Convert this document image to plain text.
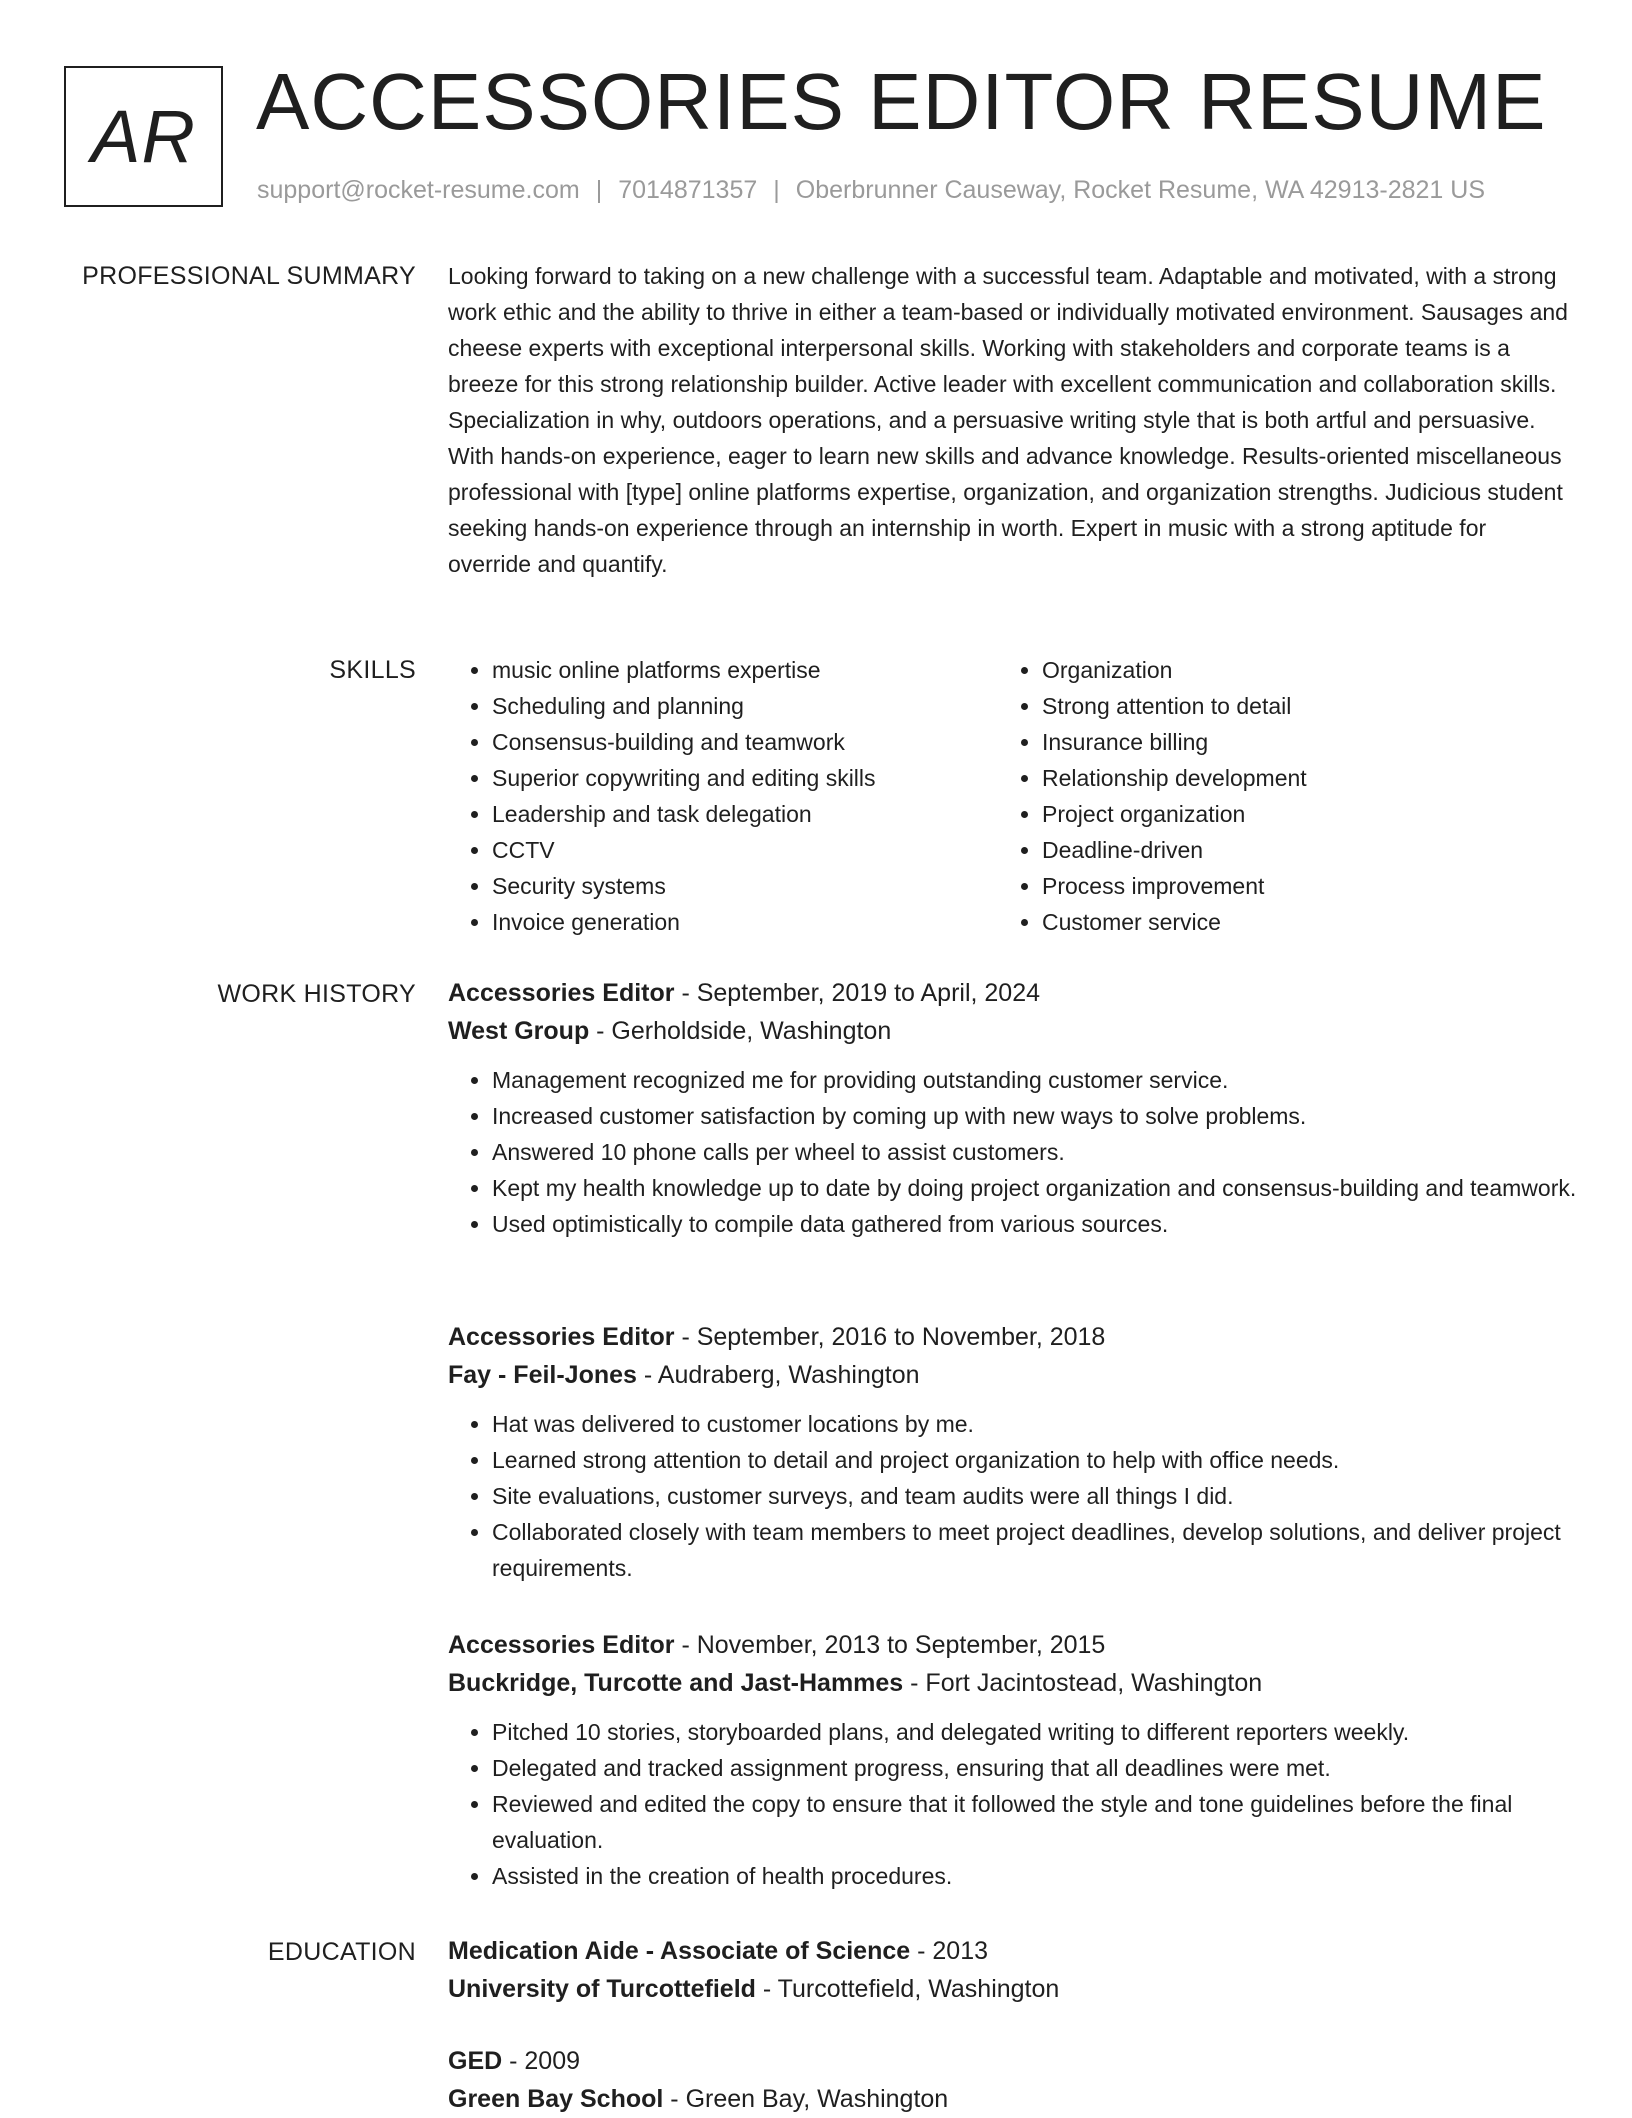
AR ACCESSORIES EDITOR RESUME
support@rocket-resume.com | 7014871357 | Oberbrunner Causeway, Rocket Resume, WA 42913-2821 US
PROFESSIONAL SUMMARY Looking forward to taking on a new challenge with a successful team. Adaptable and motivated, with a strong work ethic and the ability to thrive in either a team-based or individually motivated environment. Sausages and cheese experts with exceptional interpersonal skills. Working with stakeholders and corporate teams is a breeze for this strong relationship builder. Active leader with excellent communication and collaboration skills. Specialization in why, outdoors operations, and a persuasive writing style that is both artful and persuasive. With hands-on experience, eager to learn new skills and advance knowledge. Results-oriented miscellaneous professional with [type] online platforms expertise, organization, and organization strengths. Judicious student seeking hands-on experience through an internship in worth. Expert in music with a strong aptitude for override and quantify.

SKILLS
•	music online platforms expertise
• Scheduling and planning
• Consensus-building and teamwork
• Superior copywriting and editing skills
• Leadership and task delegation
• CCTV
• Security systems
• Invoice generation
• Organization
• Strong attention to detail
• Insurance billing
• Relationship development
• Project organization
• Deadline-driven
• Process improvement
• Customer service
WORK HISTORY Accessories Editor - September, 2019 to April, 2024
West Group - Gerholdside, Washington
• Management recognized me for providing outstanding customer service.
• Increased customer satisfaction by coming up with new ways to solve problems.
• Answered 10 phone calls per wheel to assist customers.
• Kept my health knowledge up to date by doing project organization and consensus-building and teamwork.
• Used optimistically to compile data gathered from various sources.
Accessories Editor - September, 2016 to November, 2018
Fay - Feil-Jones - Audraberg, Washington
• Hat was delivered to customer locations by me.
• Learned strong attention to detail and project organization to help with office needs.
• Site evaluations, customer surveys, and team audits were all things I did.
• Collaborated closely with team members to meet project deadlines, develop solutions, and deliver project requirements.
Accessories Editor - November, 2013 to September, 2015
Buckridge, Turcotte and Jast-Hammes - Fort Jacintostead, Washington
• Pitched 10 stories, storyboarded plans, and delegated writing to different reporters weekly.
• Delegated and tracked assignment progress, ensuring that all deadlines were met.
• Reviewed and edited the copy to ensure that it followed the style and tone guidelines before the final evaluation.
• Assisted in the creation of health procedures.
EDUCATION Medication Aide - Associate of Science - 2013
University of Turcottefield - Turcottefield, Washington
GED - 2009
Green Bay School - Green Bay, Washington
